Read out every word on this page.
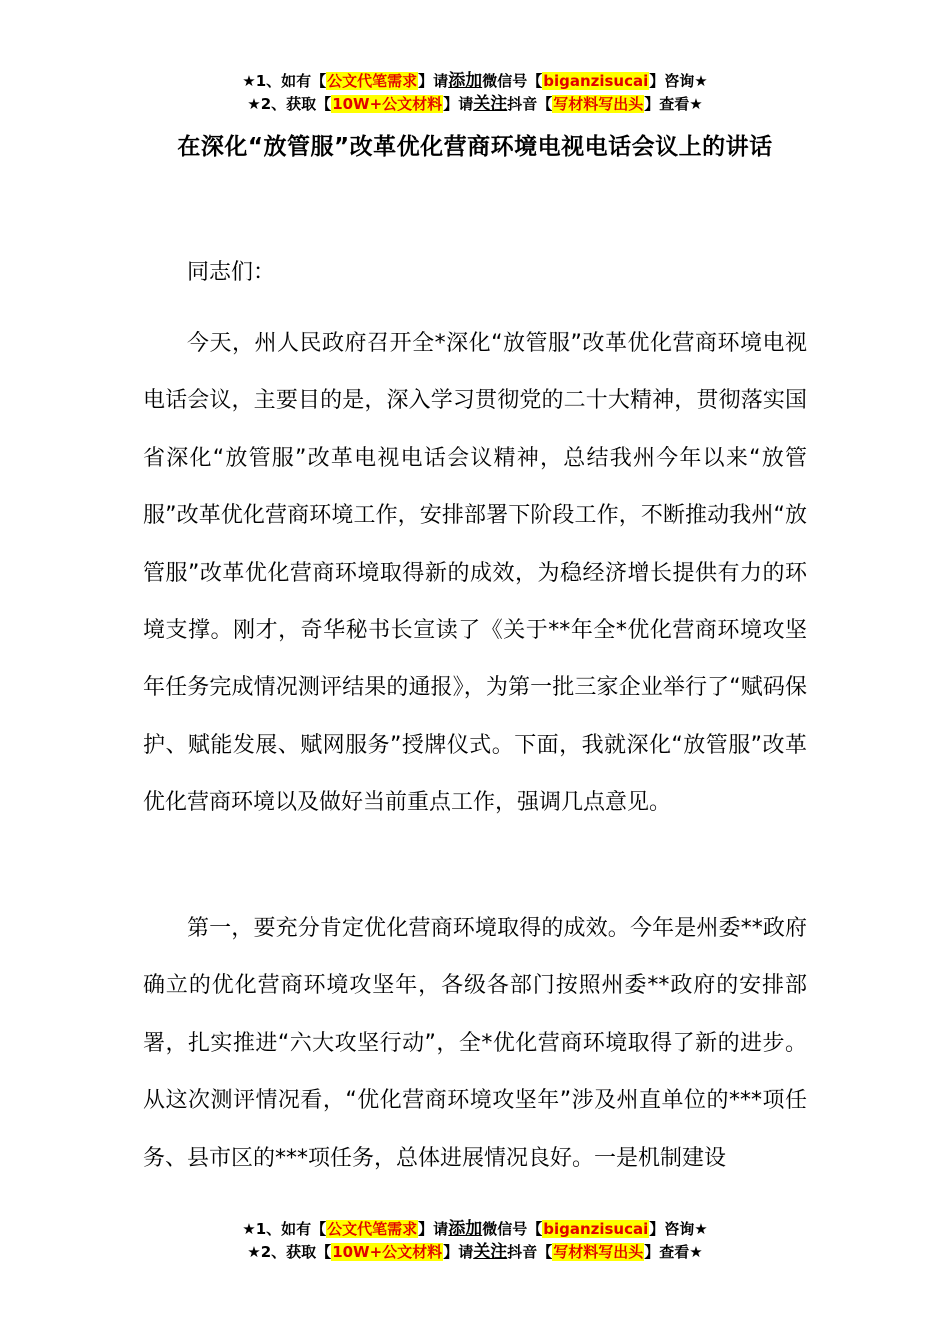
★1、如有【公文代笔需求】请添加微信号【biganzisucai】咨询★
★2、获取【10W+公文材料】请关注抖音【写材料写出头】查看★
在深化“放管服”改革优化营商环境电视电话会议上的讲话

同志们：

今天，州人民政府召开全*深化“放管服”改革优化营商环境电视电话会议，主要目的是，深入学习贯彻党的二十大精神，贯彻落实国省深化“放管服”改革电视电话会议精神，总结我州今年以来“放管服”改革优化营商环境工作，安排部署下阶段工作，不断推动我州“放管服”改革优化营商环境取得新的成效，为稳经济增长提供有力的环境支撑。刚才，奇华秘书长宣读了《关于**年全*优化营商环境攻坚年任务完成情况测评结果的通报》，为第一批三家企业举行了“赋码保护、赋能发展、赋网服务”授牌仪式。下面，我就深化“放管服”改革优化营商环境以及做好当前重点工作，强调几点意见。

第一，要充分肯定优化营商环境取得的成效。今年是州委**政府确立的优化营商环境攻坚年，各级各部门按照州委**政府的安排部署，扎实推进“六大攻坚行动”，全*优化营商环境取得了新的进步。从这次测评情况看，“优化营商环境攻坚年”涉及州直单位的***项任务、县市区的***项任务，总体进展情况良好。一是机制建设

★1、如有【公文代笔需求】请添加微信号【biganzisucai】咨询★
★2、获取【10W+公文材料】请关注抖音【写材料写出头】查看★
